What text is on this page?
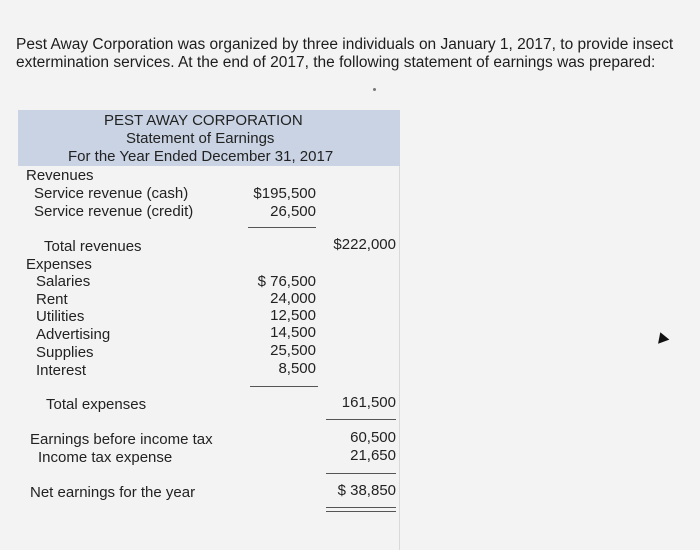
Pest Away Corporation was organized by three individuals on January 1, 2017, to provide insect extermination services. At the end of 2017, the following statement of earnings was prepared:
PEST AWAY CORPORATION
Statement of Earnings
For the Year Ended December 31, 2017
Revenues
Service revenue (cash)	$195,500
Service revenue (credit)	26,500
Total revenues	$222,000
Expenses
Salaries	$ 76,500
Rent	24,000
Utilities	12,500
Advertising	14,500
Supplies	25,500
Interest	8,500
Total expenses	161,500
Earnings before income tax	60,500
Income tax expense	21,650
Net earnings for the year	$ 38,850
